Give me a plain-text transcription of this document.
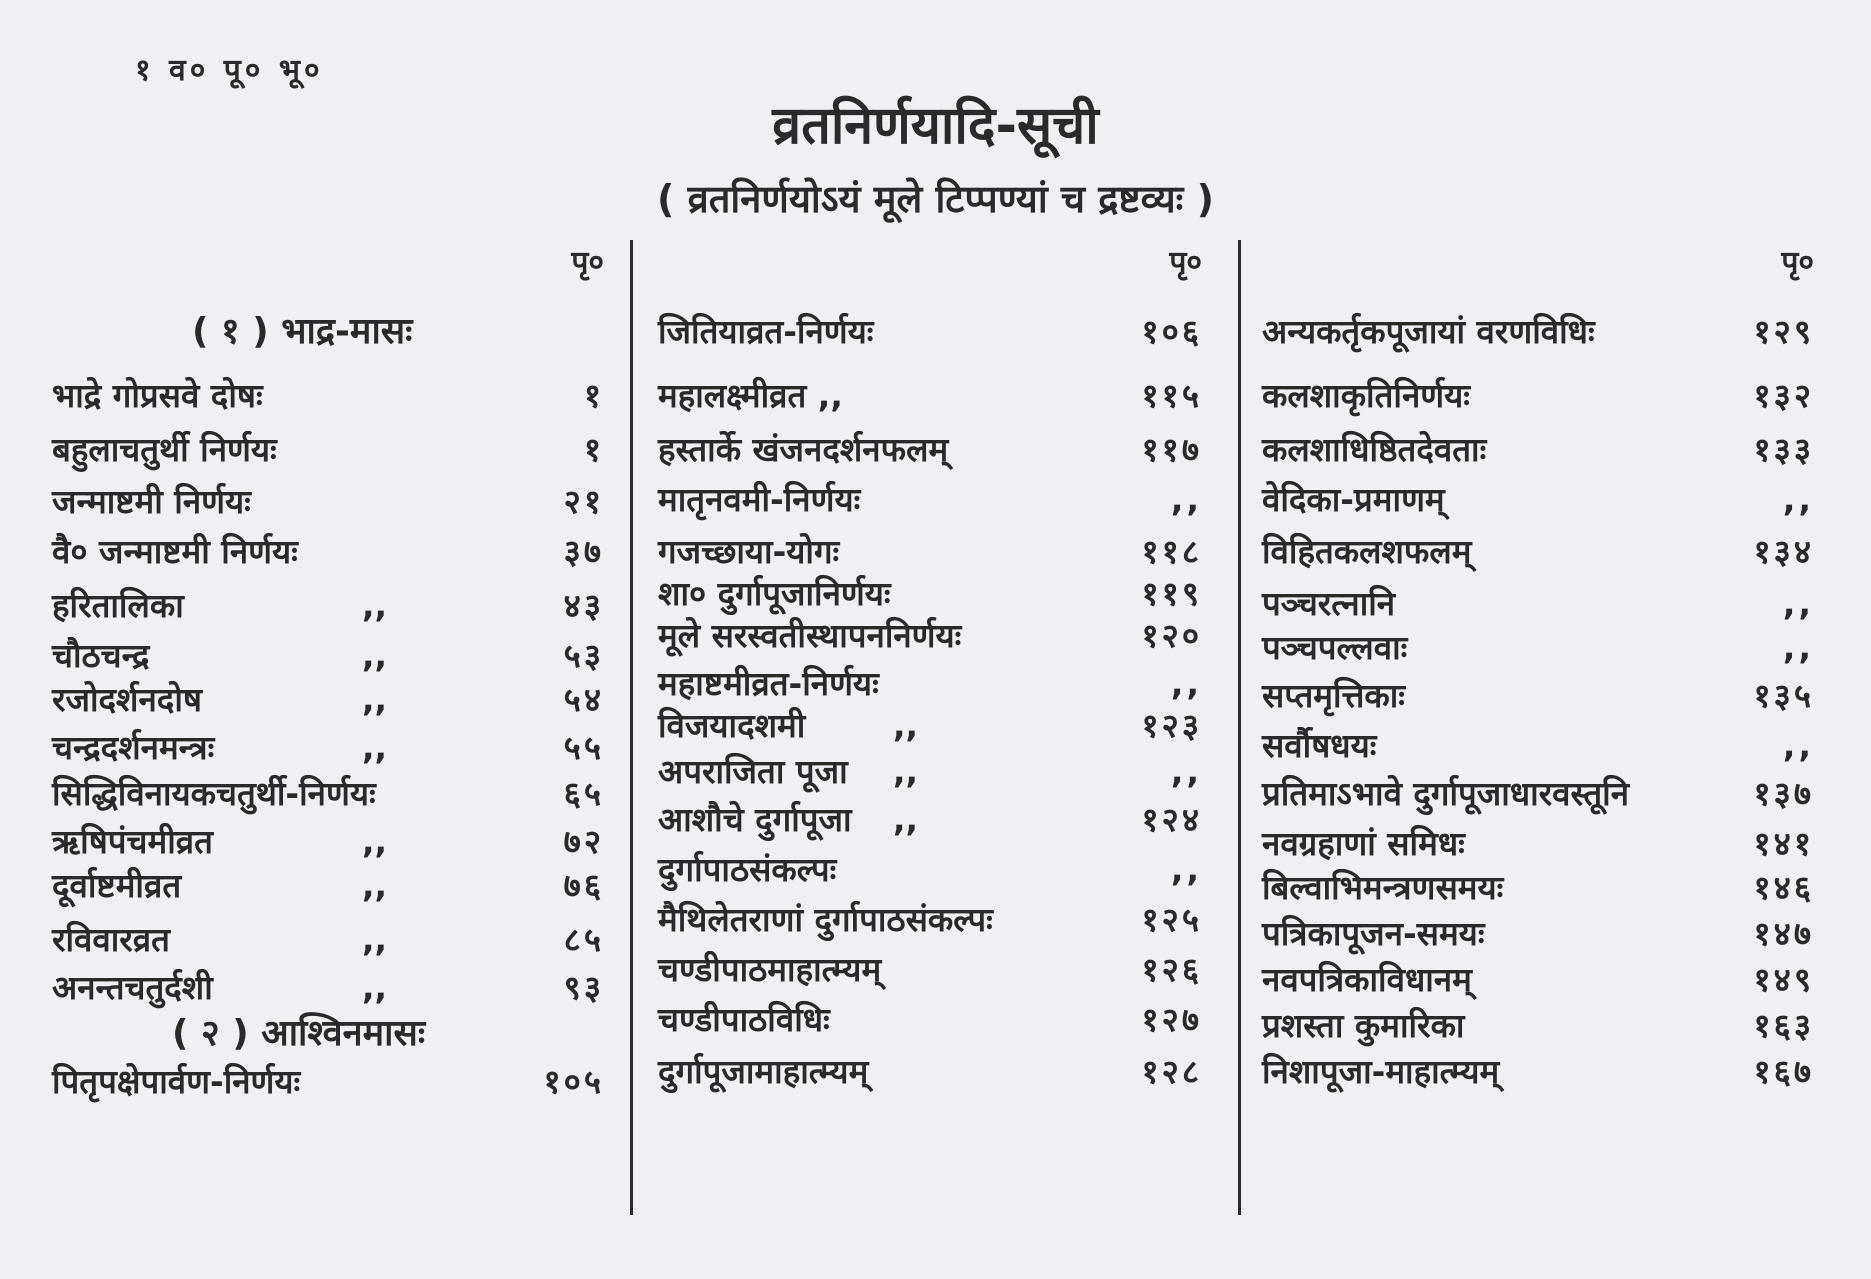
१ व० पू० भू०
व्रतनिर्णयादि-सूची
( व्रतनिर्णयोऽयं मूले टिप्पण्यां च द्रष्टव्यः )
पृ०
( १ ) भाद्र-मासः
भाद्रे गोप्रसवे दोषः	१
बहुलाचतुर्थी निर्णयः	१
जन्माष्टमी निर्णयः	२१
वै० जन्माष्टमी निर्णयः	३७
हरितालिका	,,	४३
चौठचन्द्र	,,	५३
रजोदर्शनदोष	,,	५४
चन्द्रदर्शनमन्त्रः	,,	५५
सिद्धिविनायकचतुर्थी-निर्णयः	६५
ऋषिपंचमीव्रत	,,	७२
दूर्वाष्टमीव्रत	,,	७६
रविवारव्रत	,,	८५
अनन्तचतुर्दशी	,,	९३
( २ ) आश्विनमासः
पितृपक्षेपार्वण-निर्णयः	१०५
पृ०
जितियाव्रत-निर्णयः	१०६
महालक्ष्मीव्रत ,,	११५
हस्तार्के खंजनदर्शनफलम्	११७
मातृनवमी-निर्णयः	,,
गजच्छाया-योगः	११८
शा० दुर्गापूजानिर्णयः	११९
मूले सरस्वतीस्थापननिर्णयः	१२०
महाष्टमीव्रत-निर्णयः	,,
विजयादशमी	,,	१२३
अपराजिता पूजा ,,	,,
आशौचे दुर्गापूजा ,,	१२४
दुर्गापाठसंकल्पः	,,
मैथिलेतराणां दुर्गापाठसंकल्पः	१२५
चण्डीपाठमाहात्म्यम्	१२६
चण्डीपाठविधिः	१२७
दुर्गापूजामाहात्म्यम्	१२८
पृ०
अन्यकर्तृकपूजायां वरणविधिः	१२९
कलशाकृतिनिर्णयः	१३२
कलशाधिष्ठितदेवताः	१३३
वेदिका-प्रमाणम्	,,
विहितकलशफलम्	१३४
पञ्चरत्नानि	,,
पञ्चपल्लवाः	,,
सप्तमृत्तिकाः	१३५
सर्वौषधयः	,,
प्रतिमाऽभावे दुर्गापूजाधारवस्तूनि	१३७
नवग्रहाणां समिधः	१४१
बिल्वाभिमन्त्रणसमयः	१४६
पत्रिकापूजन-समयः	१४७
नवपत्रिकाविधानम्	१४९
प्रशस्ता कुमारिका	१६३
निशापूजा-माहात्म्यम्	१६७
